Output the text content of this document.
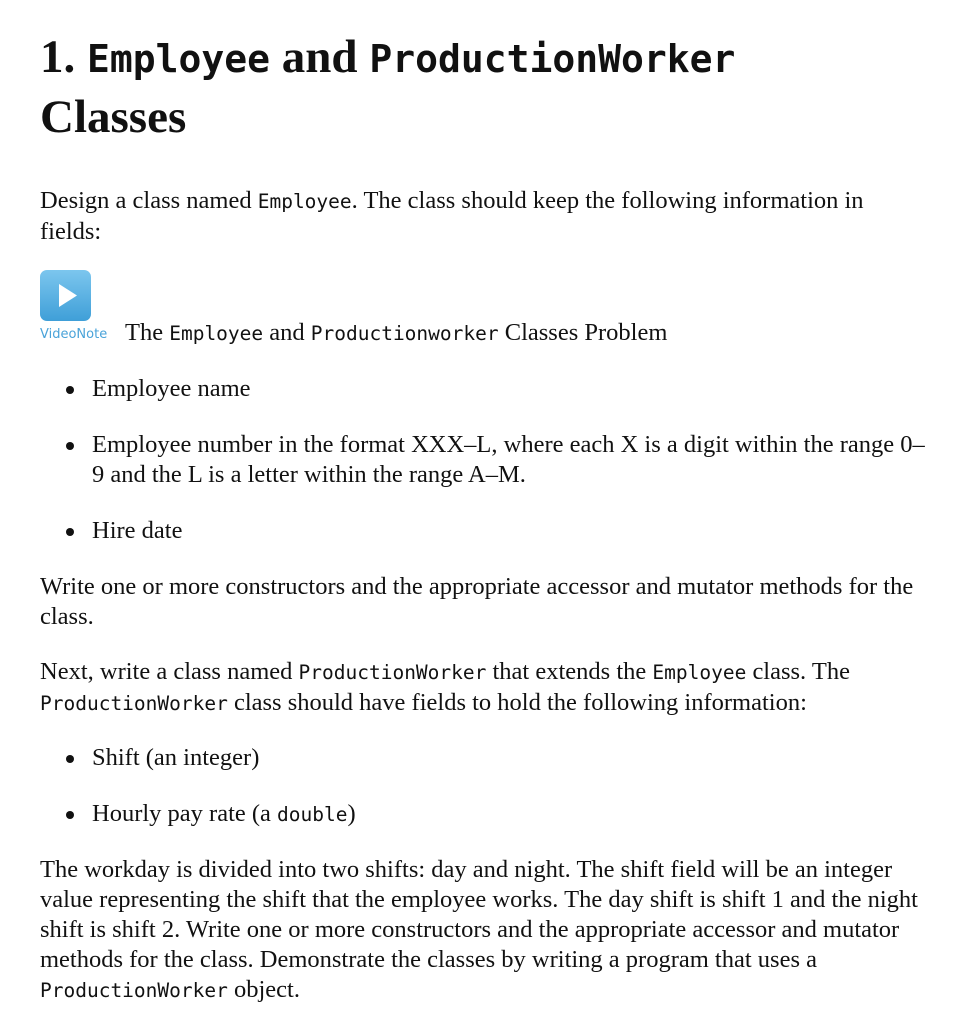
1. Employee and ProductionWorker
Classes

Design a class named Employee. The class should keep the following information in fields:

VideoNote The Employee and Productionworker Classes Problem
Employee name
Employee number in the format XXX–L, where each X is a digit within the range 0–9 and the L is a letter within the range A–M.
Hire date

Write one or more constructors and the appropriate accessor and mutator methods for the class.

Next, write a class named ProductionWorker that extends the Employee class. The ProductionWorker class should have fields to hold the following information:

Shift (an integer)
Hourly pay rate (a double)

The workday is divided into two shifts: day and night. The shift field will be an integer value representing the shift that the employee works. The day shift is shift 1 and the night shift is shift 2. Write one or more constructors and the appropriate accessor and mutator methods for the class. Demonstrate the classes by writing a program that uses a ProductionWorker object.
